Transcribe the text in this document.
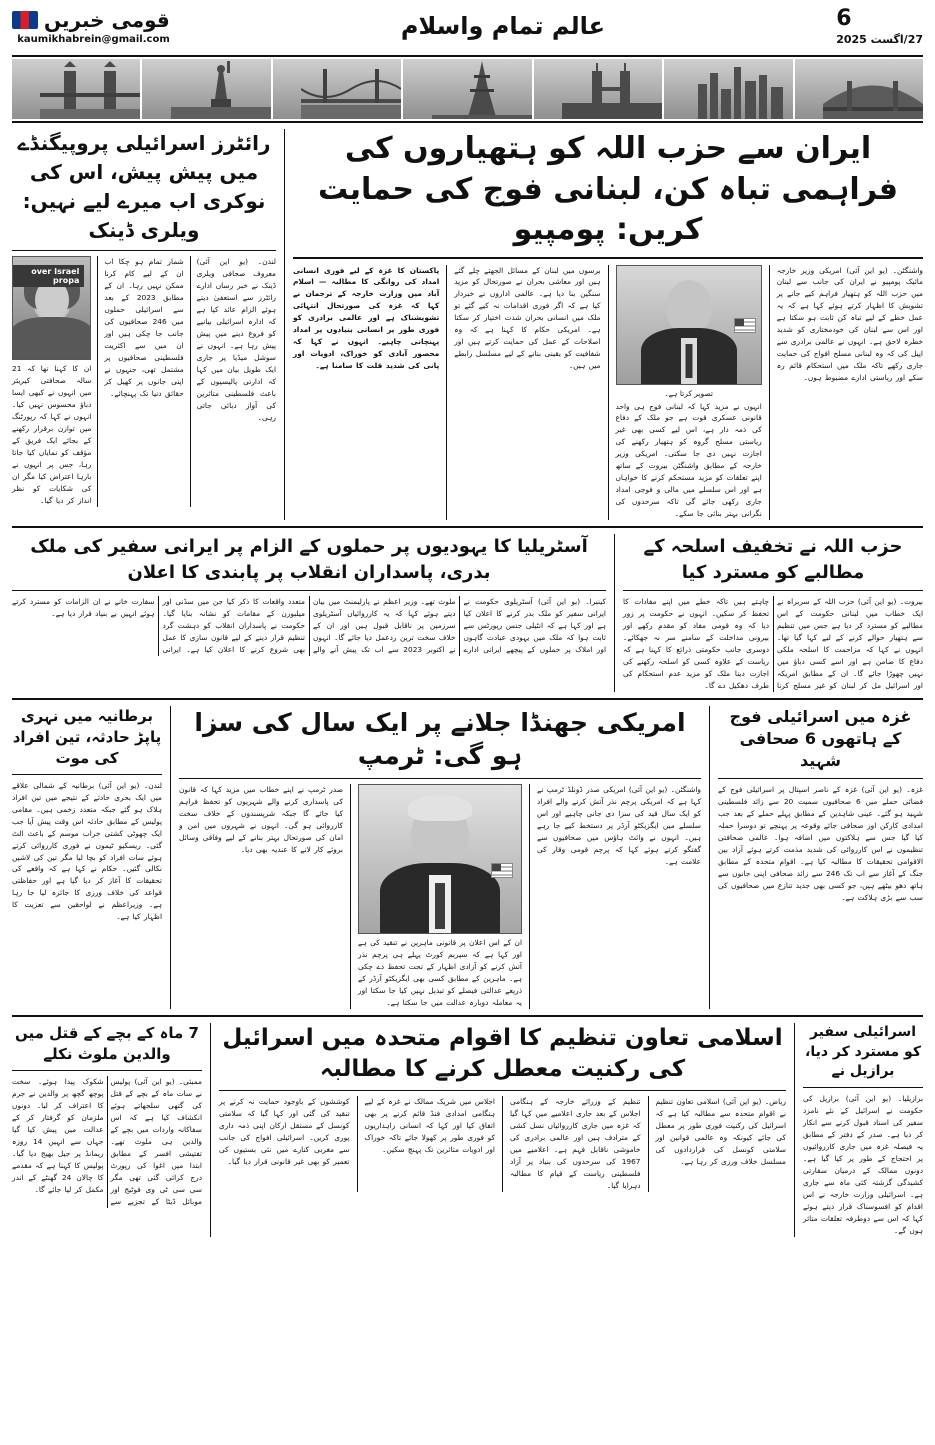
6
27/اگست 2025
عالم تمام واسلام
قومی خبریں
kaumikhabrein@gmail.com
ایران سے حزب اللہ کو ہتھیاروں کی فراہمی تباہ کن، لبنانی فوج کی حمایت کریں: پومپیو
واشنگٹن۔ (یو این آئی) امریکی وزیر خارجہ مائیک پومپیو نے ایران کی جانب سے لبنان میں حزب اللہ کو ہتھیار فراہم کیے جانے پر تشویش کا اظہار کرتے ہوئے کہا ہے کہ یہ عمل خطے کے لیے تباہ کن ثابت ہو سکتا ہے اور اس سے لبنان کی خودمختاری کو شدید خطرہ لاحق ہے۔ انہوں نے عالمی برادری سے اپیل کی کہ وہ لبنانی مسلح افواج کی حمایت جاری رکھے تاکہ ملک میں استحکام قائم رہ سکے اور ریاستی ادارے مضبوط ہوں۔
تصویر کرتا ہے۔
انہوں نے مزید کہا کہ لبنانی فوج ہی واحد قانونی عسکری قوت ہے جو ملک کے دفاع کی ذمہ دار ہے، اس لیے کسی بھی غیر ریاستی مسلح گروہ کو ہتھیار رکھنے کی اجازت نہیں دی جا سکتی۔ امریکی وزیر خارجہ کے مطابق واشنگٹن بیروت کے ساتھ اپنے تعلقات کو مزید مستحکم کرنے کا خواہاں ہے اور اس سلسلے میں مالی و فوجی امداد جاری رکھی جائے گی تاکہ سرحدوں کی نگرانی بہتر بنائی جا سکے۔
برسوں میں لبنان کے مسائل الجھتے چلے گئے ہیں اور معاشی بحران نے صورتحال کو مزید سنگین بنا دیا ہے۔ عالمی اداروں نے خبردار کیا ہے کہ اگر فوری اقدامات نہ کیے گئے تو ملک میں انسانی بحران شدت اختیار کر سکتا ہے۔ امریکی حکام کا کہنا ہے کہ وہ اصلاحات کے عمل کی حمایت کرتے ہیں اور شفافیت کو یقینی بنانے کے لیے مسلسل رابطے میں ہیں۔
پاکستان کا غزہ کے لیے فوری انسانی امداد کی روانگی کا مطالبہ — اسلام آباد میں وزارت خارجہ کے ترجمان نے کہا کہ غزہ کی صورتحال انتہائی تشویشناک ہے اور عالمی برادری کو فوری طور پر انسانی بنیادوں پر امداد پہنچانی چاہیے۔ انہوں نے کہا کہ محصور آبادی کو خوراک، ادویات اور پانی کی شدید قلت کا سامنا ہے۔
رائٹرز اسرائیلی پروپیگنڈے میں پیش پیش، اس کی نوکری اب میرے لیے نہیں: ویلری ڈینک
لندن۔ (یو این آئی) معروف صحافی ویلری ڈینک نے خبر رساں ادارے رائٹرز سے استعفیٰ دیتے ہوئے الزام عائد کیا ہے کہ ادارہ اسرائیلی بیانیے کو فروغ دینے میں پیش پیش رہا ہے۔ انہوں نے سوشل میڈیا پر جاری ایک طویل بیان میں کہا کہ ادارتی پالیسیوں کے باعث فلسطینی متاثرین کی آواز دبائی جاتی رہی۔
شمار تمام ہو چکا اب ان کے لیے کام کرنا ممکن نہیں رہا۔ ان کے مطابق 2023 کے بعد سے اسرائیلی حملوں میں 246 صحافیوں کی جانب جا چکی ہیں اور ان میں سے اکثریت فلسطینی صحافیوں پر مشتمل تھی، جنہوں نے اپنی جانوں پر کھیل کر حقائق دنیا تک پہنچائے۔
over Israel propa
ان کا کہنا تھا کہ 21 سالہ صحافتی کیریئر میں انہوں نے کبھی ایسا دباؤ محسوس نہیں کیا۔ انہوں نے کہا کہ رپورٹنگ میں توازن برقرار رکھنے کے بجائے ایک فریق کے مؤقف کو نمایاں کیا جاتا رہا، جس پر انہوں نے بارہا اعتراض کیا مگر ان کی شکایات کو نظر انداز کر دیا گیا۔
حزب اللہ نے تخفیف اسلحہ کے مطالبے کو مسترد کیا
بیروت۔ (یو این آئی) حزب اللہ کے سربراہ نے ایک خطاب میں لبنانی حکومت کے اس مطالبے کو مسترد کر دیا ہے جس میں تنظیم سے ہتھیار حوالے کرنے کے لیے کہا گیا تھا۔ انہوں نے کہا کہ مزاحمت کا اسلحہ ملکی دفاع کا ضامن ہے اور اسے کسی دباؤ میں نہیں چھوڑا جائے گا۔ ان کے مطابق امریکہ اور اسرائیل مل کر لبنان کو غیر مسلح کرنا چاہتے ہیں تاکہ خطے میں اپنے مفادات کا تحفظ کر سکیں۔ انہوں نے حکومت پر زور دیا کہ وہ قومی مفاد کو مقدم رکھے اور بیرونی مداخلت کے سامنے سر نہ جھکائے۔ دوسری جانب حکومتی ذرائع کا کہنا ہے کہ ریاست کے علاوہ کسی کو اسلحہ رکھنے کی اجازت دینا ملک کو مزید عدم استحکام کی طرف دھکیل دے گا۔
آسٹریلیا کا یہودیوں پر حملوں کے الزام پر ایرانی سفیر کی ملک بدری، پاسداران انقلاب پر پابندی کا اعلان
کینبرا۔ (یو این آئی) آسٹریلوی حکومت نے ایرانی سفیر کو ملک بدر کرنے کا اعلان کیا ہے اور کہا ہے کہ انٹیلی جنس رپورٹس سے ثابت ہوا کہ ملک میں یہودی عبادت گاہوں اور املاک پر حملوں کے پیچھے ایرانی ادارے ملوث تھے۔ وزیر اعظم نے پارلیمنٹ میں بیان دیتے ہوئے کہا کہ یہ کارروائیاں آسٹریلوی سرزمین پر ناقابل قبول ہیں اور ان کے خلاف سخت ترین ردعمل دیا جائے گا۔ انہوں نے اکتوبر 2023 سے اب تک پیش آنے والے متعدد واقعات کا ذکر کیا جن میں سڈنی اور میلبورن کے مقامات کو نشانہ بنایا گیا۔ حکومت نے پاسداران انقلاب کو دہشت گرد تنظیم قرار دینے کے لیے قانون سازی کا عمل بھی شروع کرنے کا اعلان کیا ہے۔ ایرانی سفارت خانے نے ان الزامات کو مسترد کرتے ہوئے انہیں بے بنیاد قرار دیا ہے۔
غزہ میں اسرائیلی فوج کے ہاتھوں 6 صحافی شہید
غزہ۔ (یو این آئی) غزہ کے ناصر اسپتال پر اسرائیلی فوج کے فضائی حملے میں 6 صحافیوں سمیت 20 سے زائد فلسطینی شہید ہو گئے۔ عینی شاہدین کے مطابق پہلے حملے کے بعد جب امدادی کارکن اور صحافی جائے وقوعہ پر پہنچے تو دوسرا حملہ کیا گیا جس سے ہلاکتوں میں اضافہ ہوا۔ عالمی صحافتی تنظیموں نے اس کارروائی کی شدید مذمت کرتے ہوئے آزاد بین الاقوامی تحقیقات کا مطالبہ کیا ہے۔ اقوام متحدہ کے مطابق جنگ کے آغاز سے اب تک 246 سے زائد صحافی اپنی جانوں سے ہاتھ دھو بیٹھے ہیں، جو کسی بھی جدید تنازع میں صحافیوں کی سب سے بڑی ہلاکت ہے۔
امریکی جھنڈا جلانے پر ایک سال کی سزا ہو گی: ٹرمپ
واشنگٹن۔ (یو این آئی) امریکی صدر ڈونلڈ ٹرمپ نے کہا ہے کہ امریکی پرچم نذر آتش کرنے والے افراد کو ایک سال قید کی سزا دی جانی چاہیے اور اس سلسلے میں ایگزیکٹو آرڈر پر دستخط کیے جا رہے ہیں۔ انہوں نے وائٹ ہاؤس میں صحافیوں سے گفتگو کرتے ہوئے کہا کہ پرچم قومی وقار کی علامت ہے۔
ان کے اس اعلان پر قانونی ماہرین نے تنقید کی ہے اور کہا ہے کہ سپریم کورٹ پہلے ہی پرچم نذر آتش کرنے کو آزادی اظہار کے تحت تحفظ دے چکی ہے۔ ماہرین کے مطابق کسی بھی ایگزیکٹو آرڈر کے ذریعے عدالتی فیصلے کو تبدیل نہیں کیا جا سکتا اور یہ معاملہ دوبارہ عدالت میں جا سکتا ہے۔
صدر ٹرمپ نے اپنے خطاب میں مزید کہا کہ قانون کی پاسداری کرنے والے شہریوں کو تحفظ فراہم کیا جائے گا جبکہ شرپسندوں کے خلاف سخت کارروائی ہو گی۔ انہوں نے شہروں میں امن و امان کی صورتحال بہتر بنانے کے لیے وفاقی وسائل بروئے کار لانے کا عندیہ بھی دیا۔
برطانیہ میں نہری پاپڑ حادثہ، تین افراد کی موت
لندن۔ (یو این آئی) برطانیہ کے شمالی علاقے میں ایک بحری حادثے کے نتیجے میں تین افراد ہلاک ہو گئے جبکہ متعدد زخمی ہیں۔ مقامی پولیس کے مطابق حادثہ اس وقت پیش آیا جب ایک چھوٹی کشتی خراب موسم کے باعث الٹ گئی۔ ریسکیو ٹیموں نے فوری کارروائی کرتے ہوئے سات افراد کو بچا لیا مگر تین کی لاشیں نکالی گئیں۔ حکام نے کہا ہے کہ واقعے کی تحقیقات کا آغاز کر دیا گیا ہے اور حفاظتی قواعد کی خلاف ورزی کا جائزہ لیا جا رہا ہے۔ وزیراعظم نے لواحقین سے تعزیت کا اظہار کیا ہے۔
اسرائیلی سفیر کو مسترد کر دیا، برازیل نے
برازیلیا۔ (یو این آئی) برازیل کی حکومت نے اسرائیل کے نئے نامزد سفیر کی اسناد قبول کرنے سے انکار کر دیا ہے۔ صدر کے دفتر کے مطابق یہ فیصلہ غزہ میں جاری کارروائیوں پر احتجاج کے طور پر کیا گیا ہے۔ دونوں ممالک کے درمیان سفارتی کشیدگی گزشتہ کئی ماہ سے جاری ہے۔ اسرائیلی وزارت خارجہ نے اس اقدام کو افسوسناک قرار دیتے ہوئے کہا کہ اس سے دوطرفہ تعلقات متاثر ہوں گے۔
اسلامی تعاون تنظیم کا اقوام متحدہ میں اسرائیل کی رکنیت معطل کرنے کا مطالبہ
ریاض۔ (یو این آئی) اسلامی تعاون تنظیم نے اقوام متحدہ سے مطالبہ کیا ہے کہ اسرائیل کی رکنیت فوری طور پر معطل کی جائے کیونکہ وہ عالمی قوانین اور سلامتی کونسل کی قراردادوں کی مسلسل خلاف ورزی کر رہا ہے۔
تنظیم کے وزرائے خارجہ کے ہنگامی اجلاس کے بعد جاری اعلامیے میں کہا گیا کہ غزہ میں جاری کارروائیاں نسل کشی کے مترادف ہیں اور عالمی برادری کی خاموشی ناقابل فہم ہے۔ اعلامیے میں 1967 کی سرحدوں کی بنیاد پر آزاد فلسطینی ریاست کے قیام کا مطالبہ دہرایا گیا۔
اجلاس میں شریک ممالک نے غزہ کے لیے ہنگامی امدادی فنڈ قائم کرنے پر بھی اتفاق کیا اور کہا کہ انسانی راہداریوں کو فوری طور پر کھولا جائے تاکہ خوراک اور ادویات متاثرین تک پہنچ سکیں۔
کوششوں کے باوجود حمایت نہ کرنے پر تنقید کی گئی اور کہا گیا کہ سلامتی کونسل کے مستقل ارکان اپنی ذمہ داری پوری کریں۔ اسرائیلی افواج کی جانب سے مغربی کنارے میں نئی بستیوں کی تعمیر کو بھی غیر قانونی قرار دیا گیا۔
7 ماہ کے بچے کے قتل میں والدین ملوث نکلے
ممبئی۔ (یو این آئی) پولیس نے سات ماہ کے بچے کے قتل کی گتھی سلجھاتے ہوئے انکشاف کیا ہے کہ اس سفاکانہ واردات میں بچے کے والدین ہی ملوث تھے۔ تفتیشی افسر کے مطابق ابتدا میں اغوا کی رپورٹ درج کرائی گئی تھی مگر سی سی ٹی وی فوٹیج اور موبائل ڈیٹا کے تجزیے سے شکوک پیدا ہوئے۔ سخت پوچھ گچھ پر والدین نے جرم کا اعتراف کر لیا۔ دونوں ملزمان کو گرفتار کر کے عدالت میں پیش کیا گیا جہاں سے انہیں 14 روزہ ریمانڈ پر جیل بھیج دیا گیا۔ پولیس کا کہنا ہے کہ مقدمے کا چالان 24 گھنٹے کے اندر مکمل کر لیا جائے گا۔
